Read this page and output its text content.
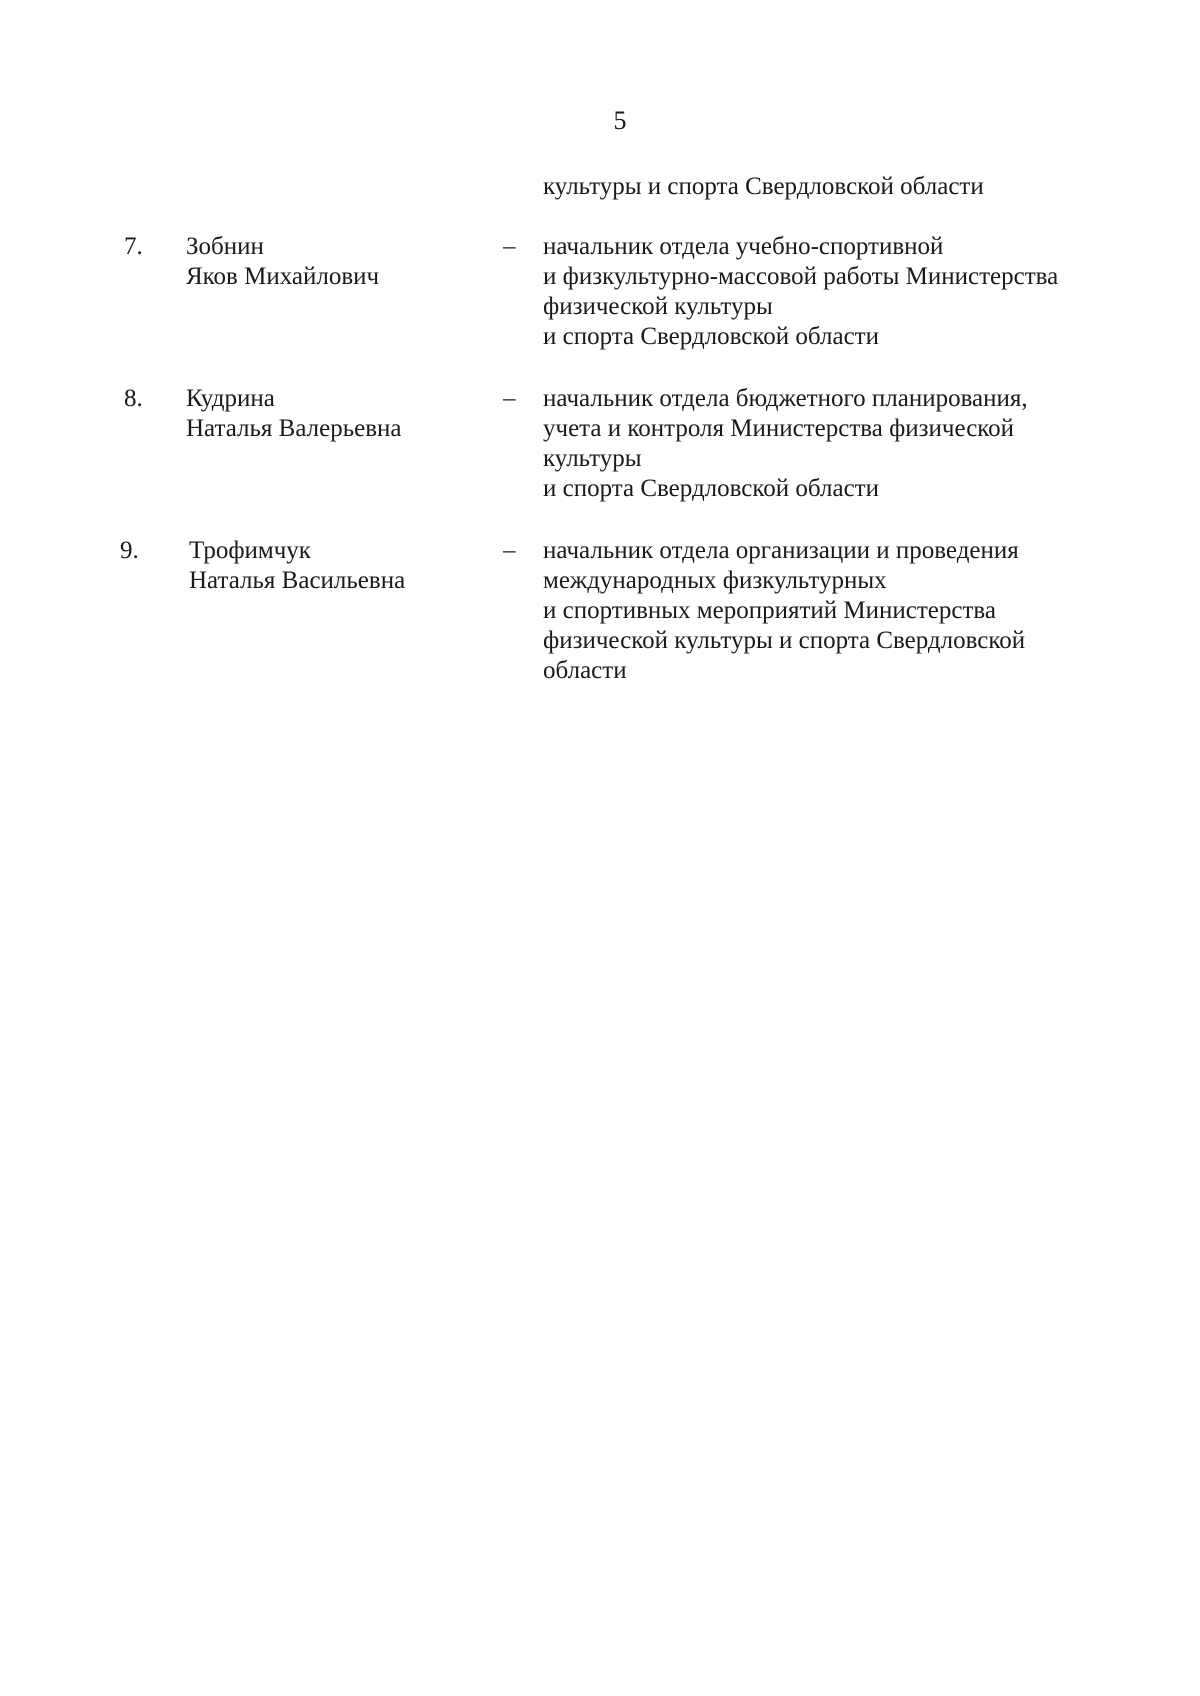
5
культуры и спорта Свердловской области
7. Зобнин
Яков Михайлович
– начальник отдела учебно-спортивной
и физкультурно-массовой работы Министерства
физической культуры
и спорта Свердловской области
8. Кудрина
Наталья Валерьевна
– начальник отдела бюджетного планирования,
учета и контроля Министерства физической
культуры
и спорта Свердловской области
9. Трофимчук
Наталья Васильевна
– начальник отдела организации и проведения
международных физкультурных
и спортивных мероприятий Министерства
физической культуры и спорта Свердловской
области
